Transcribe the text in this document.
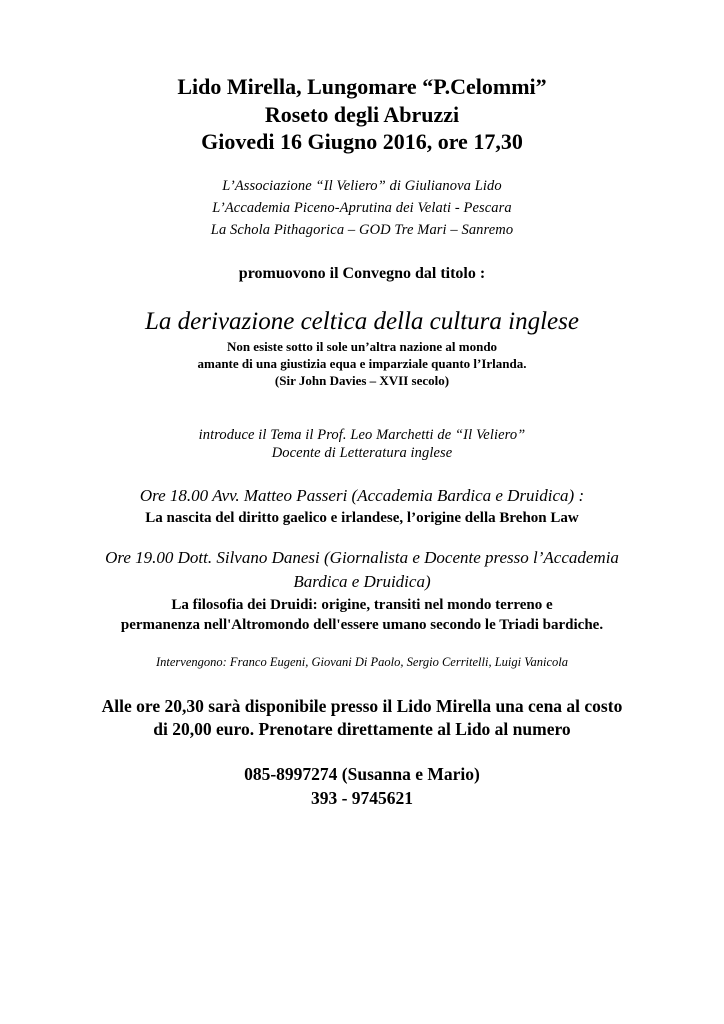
Lido Mirella, Lungomare “P.Celommi”
Roseto degli Abruzzi
Giovedi 16 Giugno 2016, ore 17,30
L’Associazione “Il Veliero” di Giulianova Lido
L’Accademia Piceno-Aprutina dei Velati - Pescara
La Schola Pithagorica – GOD Tre Mari – Sanremo
promuovono il Convegno dal titolo :
La derivazione celtica della cultura inglese
Non esiste sotto il sole un’altra nazione al mondo
amante di una giustizia equa e imparziale quanto l’Irlanda.
(Sir John Davies – XVII secolo)
introduce il Tema il Prof. Leo Marchetti de “Il Veliero”
Docente di Letteratura inglese
Ore 18.00 Avv. Matteo Passeri (Accademia Bardica e Druidica) :
La nascita del diritto gaelico e irlandese, l’origine della Brehon Law
Ore 19.00 Dott. Silvano Danesi (Giornalista e Docente presso l’Accademia
Bardica e Druidica)
La filosofia dei Druidi: origine, transiti nel mondo terreno e
permanenza nell'Altromondo dell'essere umano secondo le Triadi bardiche.
Intervengono: Franco Eugeni, Giovani Di Paolo, Sergio Cerritelli, Luigi Vanicola
Alle ore 20,30 sarà disponibile presso il Lido Mirella una cena al costo
di 20,00 euro. Prenotare direttamente al Lido al numero
085-8997274 (Susanna e Mario)
393 - 9745621
